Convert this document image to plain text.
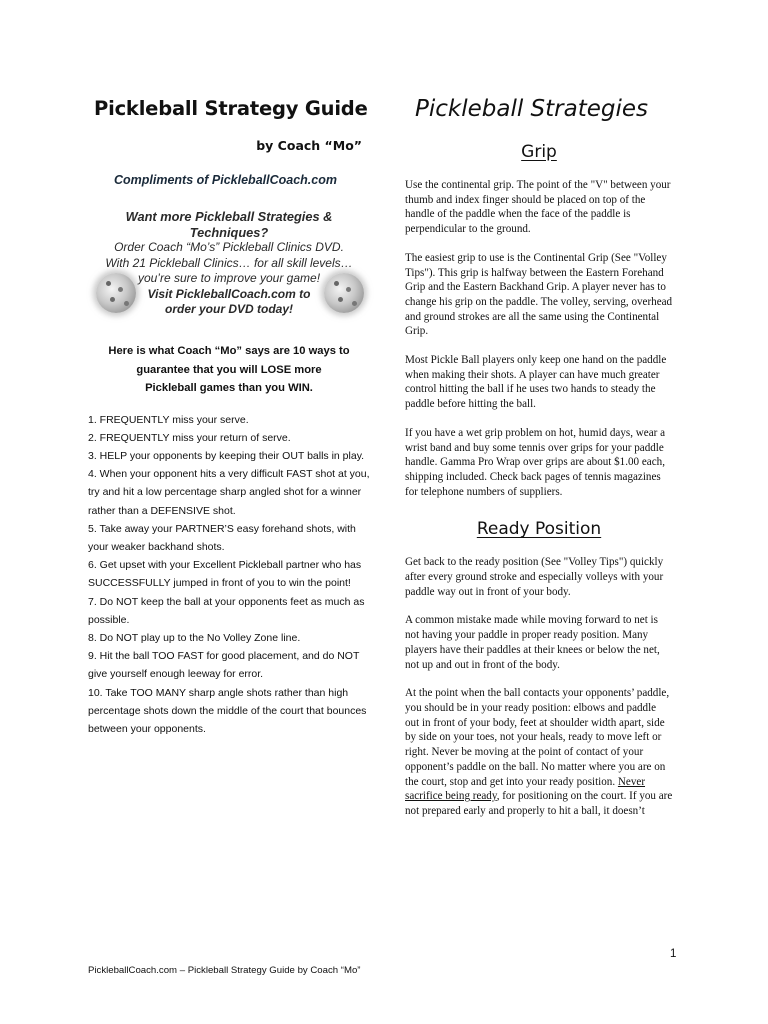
Pickleball Strategy Guide
by Coach “Mo”
Compliments of PickleballCoach.com
Want more Pickleball Strategies & Techniques?
Order Coach “Mo’s” Pickleball Clinics DVD.
With 21 Pickleball Clinics… for all skill levels…
you’re sure to improve your game!
Visit PickleballCoach.com to
order your DVD today!
Here is what Coach “Mo” says are 10 ways to
guarantee that you will LOSE more
Pickleball games than you WIN.
1. FREQUENTLY miss your serve.
2. FREQUENTLY miss your return of serve.
3. HELP your opponents by keeping their OUT balls in play.
4. When your opponent hits a very difficult FAST shot at you, try and hit a low percentage sharp angled shot for a winner rather than a DEFENSIVE shot.
5. Take away your PARTNER’S easy forehand shots, with your weaker backhand shots.
6. Get upset with your Excellent Pickleball partner who has SUCCESSFULLY jumped in front of you to win the point!
7. Do NOT keep the ball at your opponents feet as much as possible.
8. Do NOT play up to the No Volley Zone line.
9. Hit the ball TOO FAST for good placement, and do NOT give yourself enough leeway for error.
10. Take TOO MANY sharp angle shots rather than high percentage shots down the middle of the court that bounces between your opponents.
Pickleball Strategies
Grip

Use the continental grip. The point of the "V" between your thumb and index finger should be placed on top of the handle of the paddle when the face of the paddle is perpendicular to the ground.

The easiest grip to use is the Continental Grip (See "Volley Tips"). This grip is halfway between the Eastern Forehand Grip and the Eastern Backhand Grip. A player never has to change his grip on the paddle. The volley, serving, overhead and ground strokes are all the same using the Continental Grip.

Most Pickle Ball players only keep one hand on the paddle when making their shots. A player can have much greater control hitting the ball if he uses two hands to steady the paddle before hitting the ball.

If you have a wet grip problem on hot, humid days, wear a wrist band and buy some tennis over grips for your paddle handle. Gamma Pro Wrap over grips are about $1.00 each, shipping included. Check back pages of tennis magazines for telephone numbers of suppliers.

Ready Position

Get back to the ready position (See "Volley Tips") quickly after every ground stroke and especially volleys with your paddle way out in front of your body.

A common mistake made while moving forward to net is not having your paddle in proper ready position. Many players have their paddles at their knees or below the net, not up and out in front of the body.

At the point when the ball contacts your opponents’ paddle, you should be in your ready position: elbows and paddle out in front of your body, feet at shoulder width apart, side by side on your toes, not your heals, ready to move left or right. Never be moving at the point of contact of your opponent’s paddle on the ball. No matter where you are on the court, stop and get into your ready position. Never sacrifice being ready, for positioning on the court. If you are not prepared early and properly to hit a ball, it doesn’t

PickleballCoach.com – Pickleball Strategy Guide by Coach “Mo”
1
